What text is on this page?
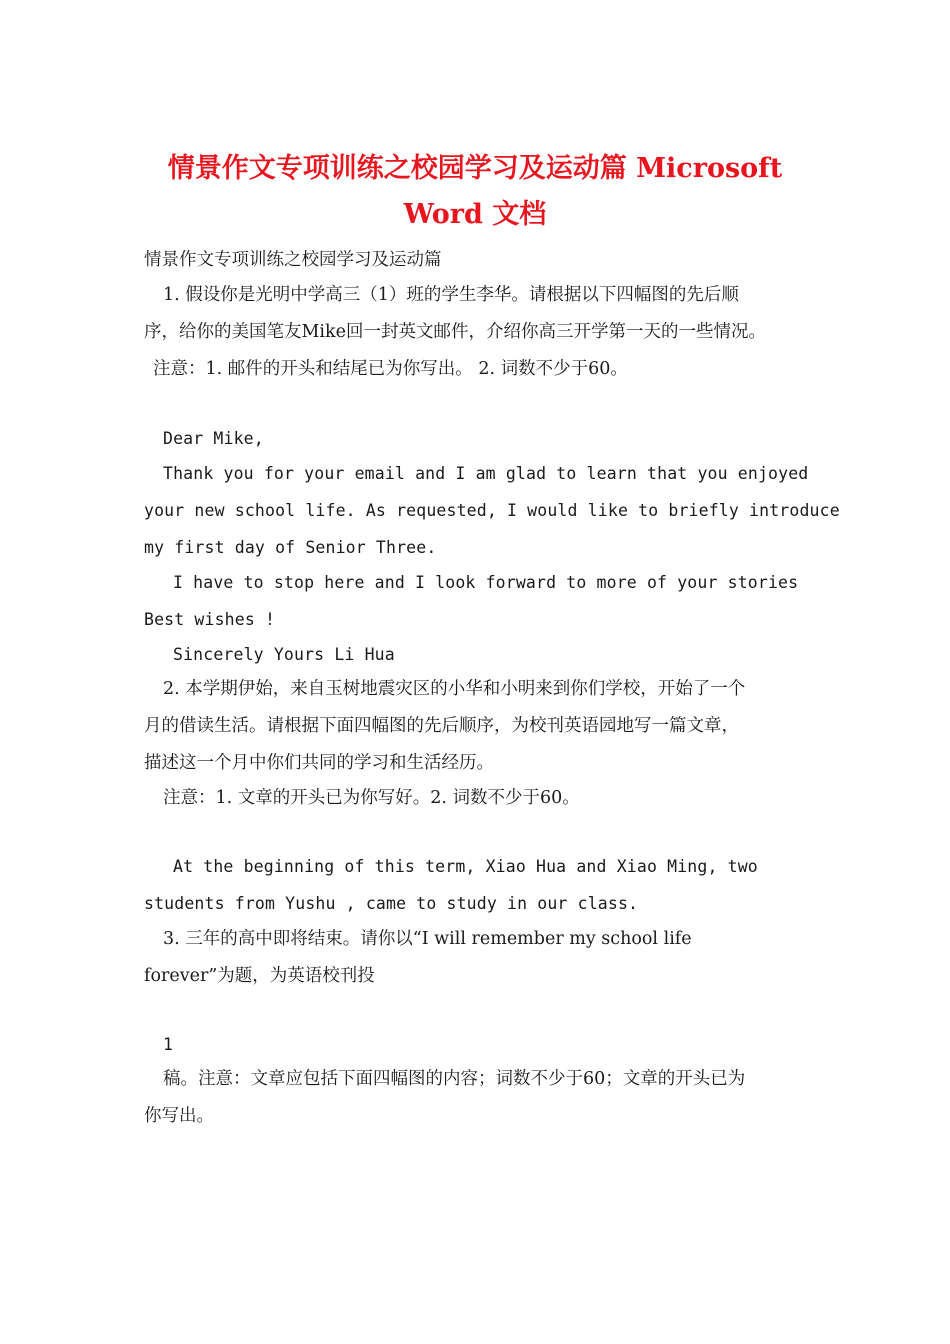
情景作文专项训练之校园学习及运动篇 Microsoft Word 文档
情景作文专项训练之校园学习及运动篇
1. 假设你是光明中学高三（1）班的学生李华。请根据以下四幅图的先后顺
序，给你的美国笔友Mike回一封英文邮件，介绍你高三开学第一天的一些情况。
注意：1. 邮件的开头和结尾已为你写出。 2. 词数不少于60。
Dear Mike,
Thank you for your email and I am glad to learn that you enjoyed
your new school life. As requested, I would like to briefly introduce
my first day of Senior Three.
I have to stop here and I look forward to more of your stories
Best wishes !
Sincerely Yours Li Hua
2. 本学期伊始，来自玉树地震灾区的小华和小明来到你们学校，开始了一个
月的借读生活。请根据下面四幅图的先后顺序，为校刊英语园地写一篇文章，
描述这一个月中你们共同的学习和生活经历。
注意：1. 文章的开头已为你写好。2. 词数不少于60。
At the beginning of this term, Xiao Hua and Xiao Ming, two
students from Yushu , came to study in our class.
3. 三年的高中即将结束。请你以“I will remember my school life
forever”为题，为英语校刊投
1
稿。注意：文章应包括下面四幅图的内容；词数不少于60；文章的开头已为
你写出。
